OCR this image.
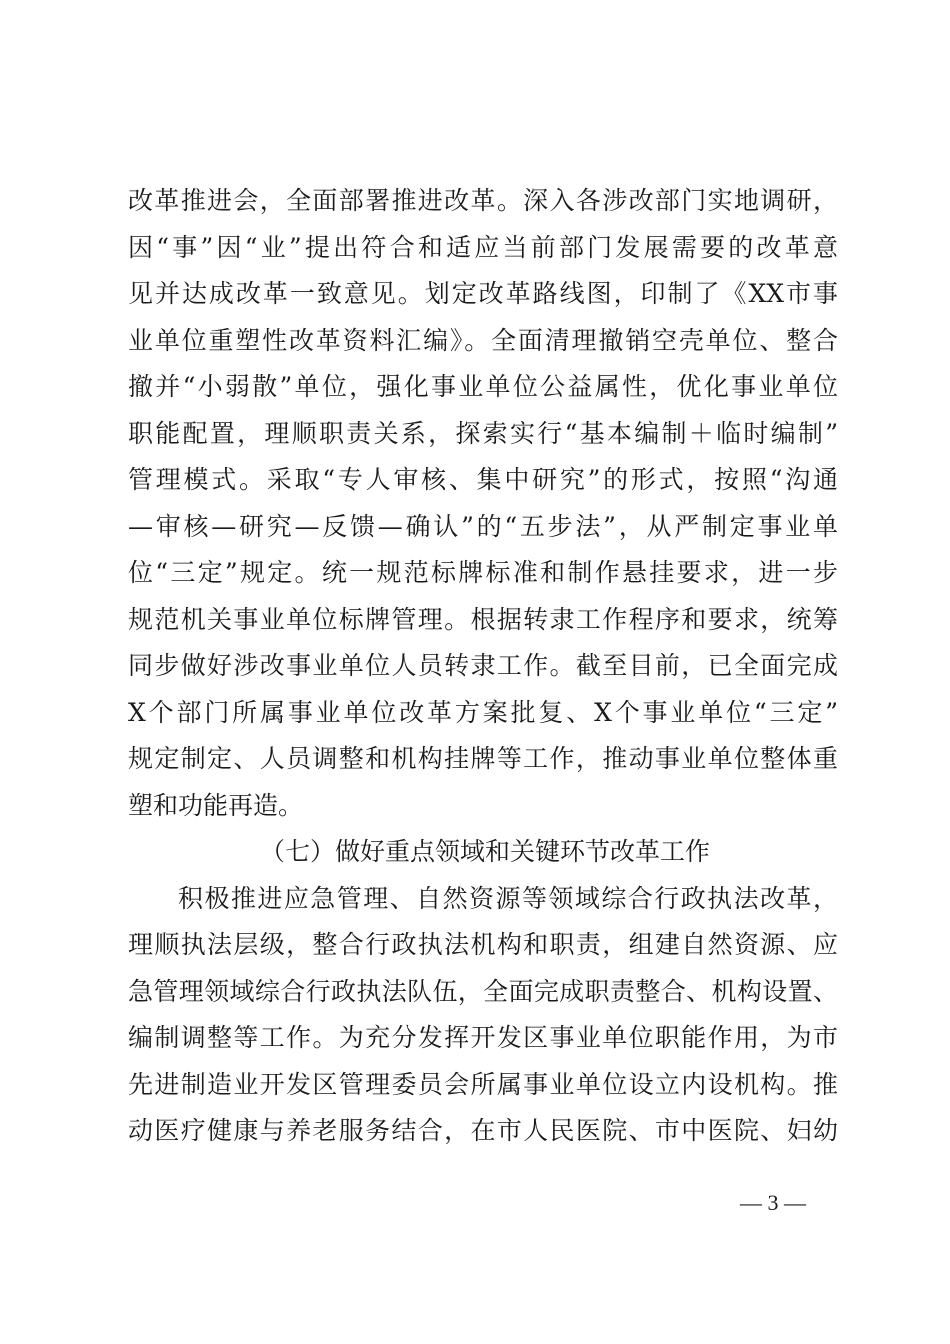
改革推进会，全面部署推进改革。深入各涉改部门实地调研，
因“事”因“业”提出符合和适应当前部门发展需要的改革意
见并达成改革一致意见。划定改革路线图，印制了《XX市事
业单位重塑性改革资料汇编》。全面清理撤销空壳单位、整合
撤并“小弱散”单位，强化事业单位公益属性，优化事业单位
职能配置，理顺职责关系，探索实行“基本编制＋临时编制”
管理模式。采取“专人审核、集中研究”的形式，按照“沟通
—审核—研究—反馈—确认”的“五步法”，从严制定事业单
位“三定”规定。统一规范标牌标准和制作悬挂要求，进一步
规范机关事业单位标牌管理。根据转隶工作程序和要求，统筹
同步做好涉改事业单位人员转隶工作。截至目前，已全面完成
X个部门所属事业单位改革方案批复、X个事业单位“三定”
规定制定、人员调整和机构挂牌等工作，推动事业单位整体重
塑和功能再造。
（七）做好重点领域和关键环节改革工作
积极推进应急管理、自然资源等领域综合行政执法改革，
理顺执法层级，整合行政执法机构和职责，组建自然资源、应
急管理领域综合行政执法队伍，全面完成职责整合、机构设置、
编制调整等工作。为充分发挥开发区事业单位职能作用，为市
先进制造业开发区管理委员会所属事业单位设立内设机构。推
动医疗健康与养老服务结合，在市人民医院、市中医院、妇幼
— 3 —
